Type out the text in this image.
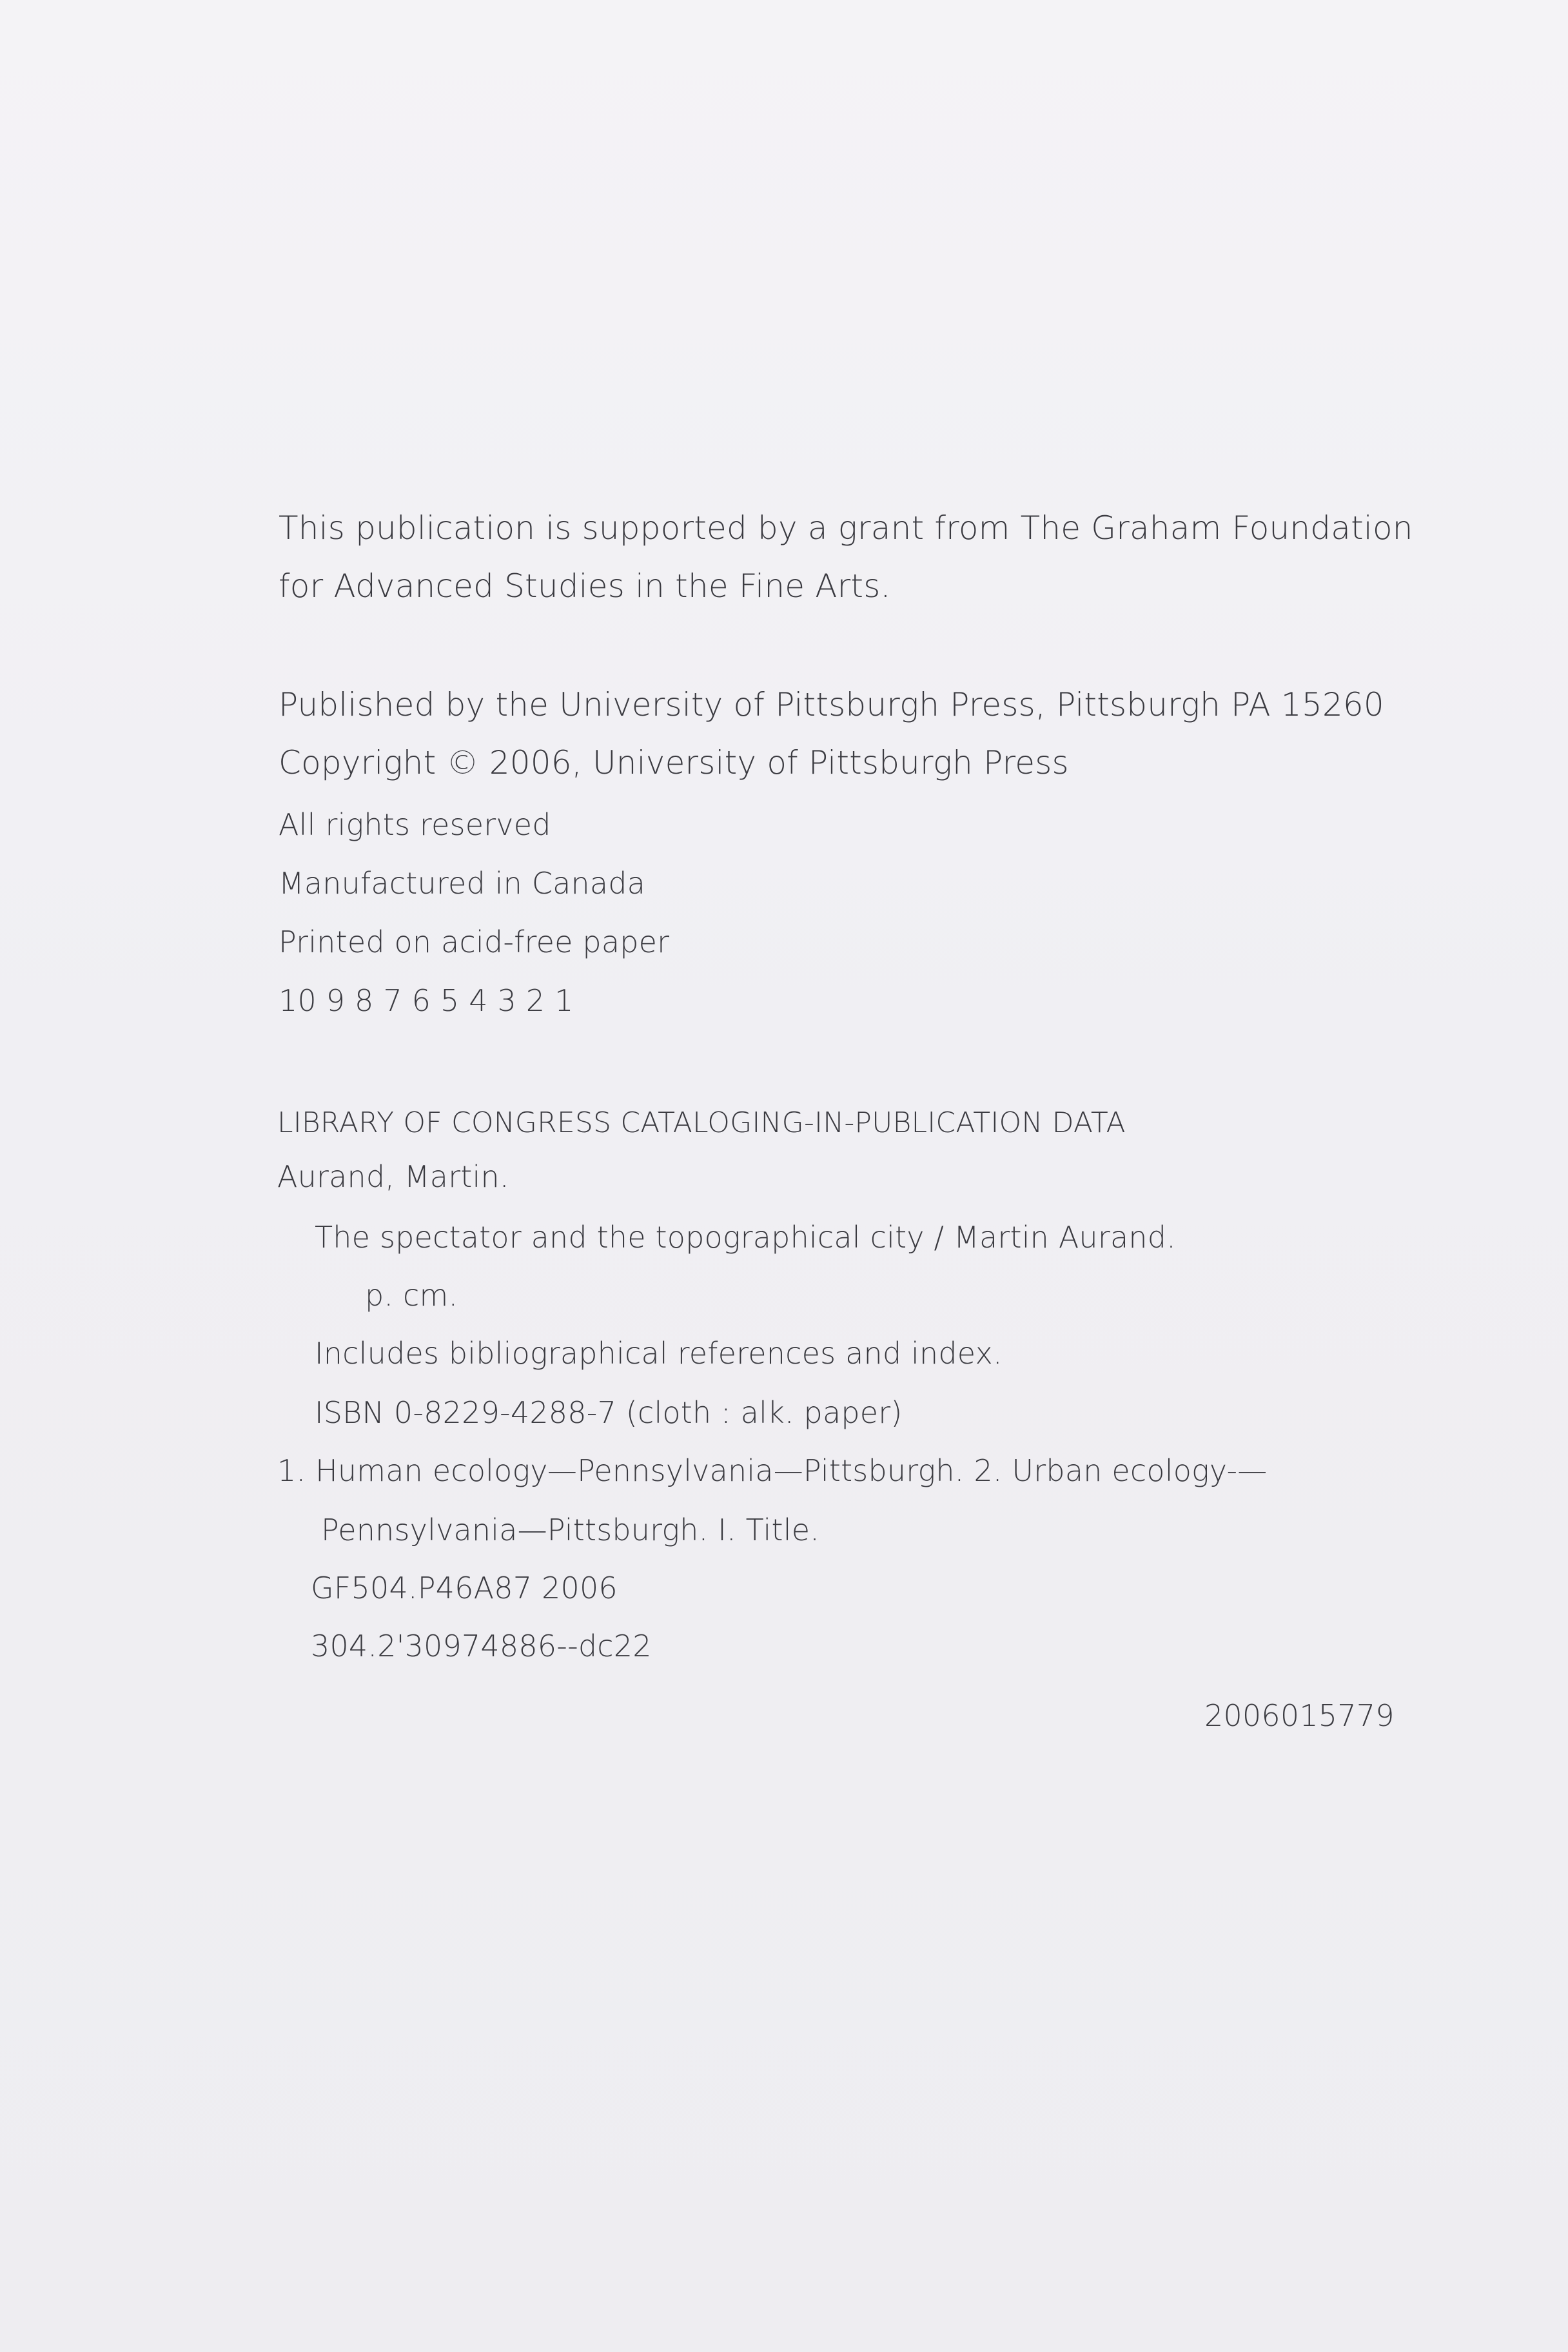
This publication is supported by a grant from The Graham Foundation
for Advanced Studies in the Fine Arts.
Published by the University of Pittsburgh Press, Pittsburgh PA 15260
Copyright © 2006, University of Pittsburgh Press
All rights reserved
Manufactured in Canada
Printed on acid-free paper
10 9 8 7 6 5 4 3 2 1
LIBRARY OF CONGRESS CATALOGING-IN-PUBLICATION DATA
Aurand, Martin.
The spectator and the topographical city / Martin Aurand.
p. cm.
Includes bibliographical references and index.
ISBN 0-8229-4288-7 (cloth : alk. paper)
1. Human ecology—Pennsylvania—Pittsburgh. 2. Urban ecology-—
Pennsylvania—Pittsburgh. I. Title.
GF504.P46A87 2006
304.2'30974886--dc22
2006015779
